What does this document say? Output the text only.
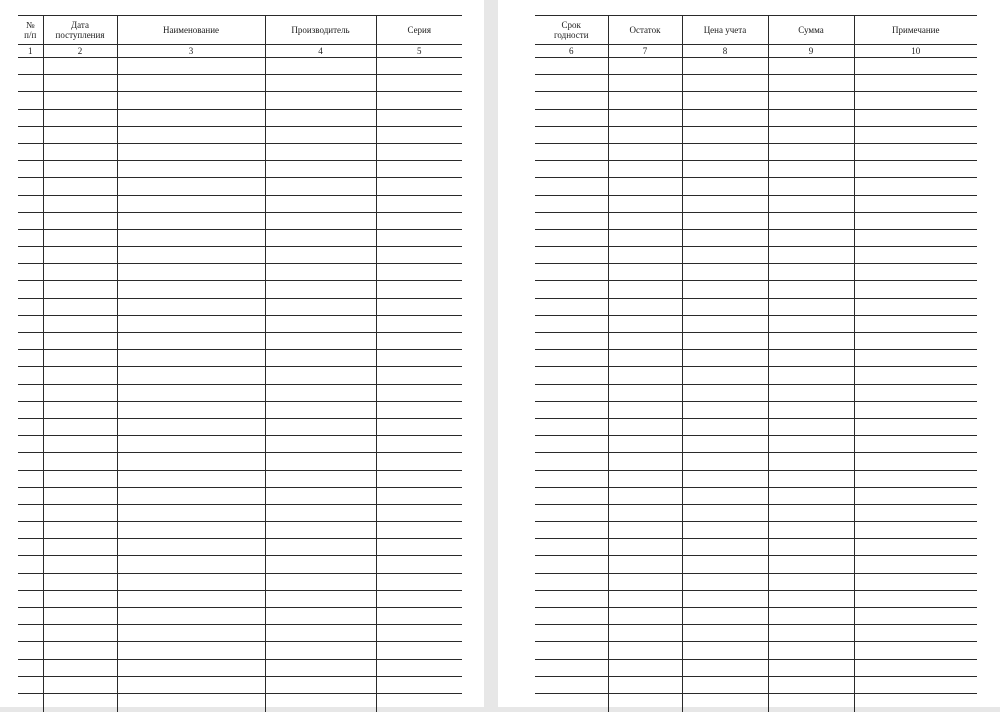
№
п/п	Дата
поступления	Наименование	Производитель	Серия

1	2	3	4	5

Срок
годности	Остаток	Цена учета	Сумма	Примечание

6	7	8	9	10
